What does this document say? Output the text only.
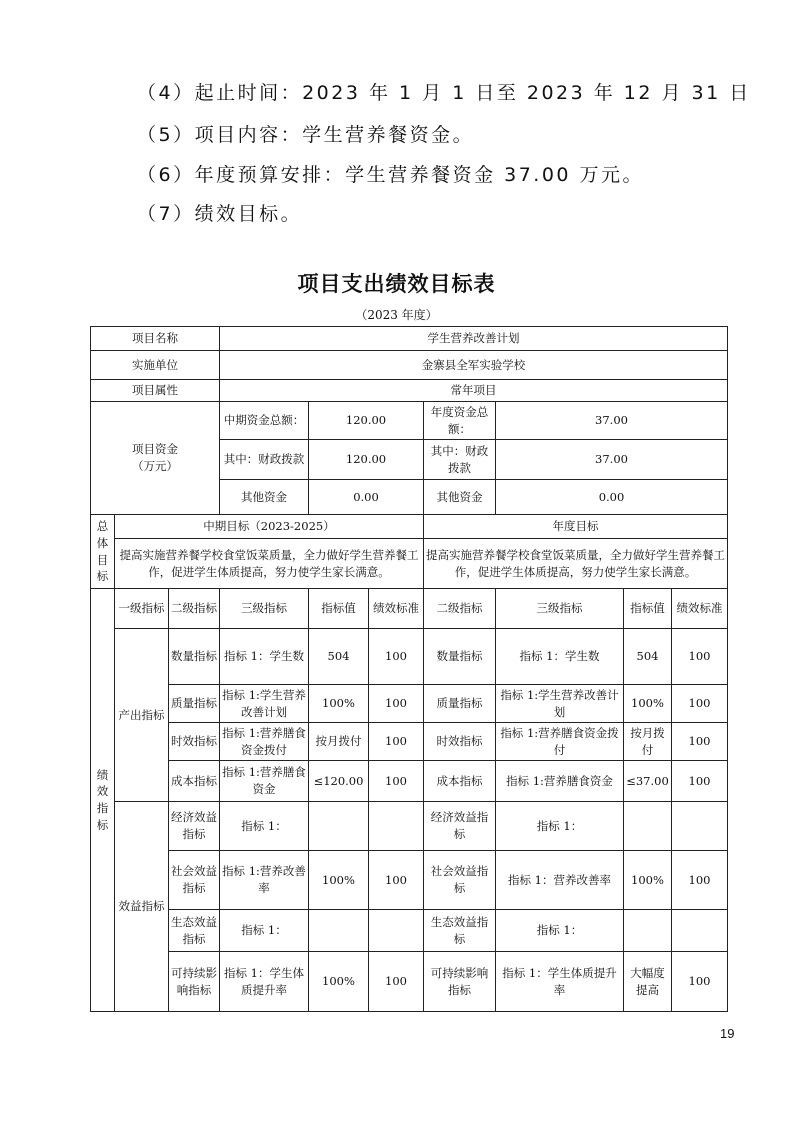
（4）起止时间：2023 年 1 月 1 日至 2023 年 12 月 31 日
（5）项目内容：学生营养餐资金。
（6）年度预算安排：学生营养餐资金 37.00 万元。
（7）绩效目标。
项目支出绩效目标表
（2023 年度）
项目名称			学生营养改善计划						
实施单位			金寨县全军实验学校						
项目属性			常年项目						
项目资金
（万元）			中期资金总额：	120.00		年度资金总额：	37.00		
			其中：财政拨款	120.00		其中：财政拨款	37.00		
			其他资金	0.00		其他资金	0.00		
总体目标	中期目标（2023-2025）					年度目标			
	提高实施营养餐学校食堂饭菜质量，全力做好学生营养餐工作，促进学生体质提高，努力使学生家长满意。					提高实施营养餐学校食堂饭菜质量，全力做好学生营养餐工作，促进学生体质提高，努力使学生家长满意。			
绩效指标	一级指标	二级指标	三级指标	指标值	绩效标准	二级指标	三级指标	指标值	绩效标准
	产出指标	数量指标	指标 1：学生数	504	100	数量指标	指标 1：学生数	504	100
		质量指标	指标 1:学生营养改善计划	100%	100	质量指标	指标 1:学生营养改善计划	100%	100
		时效指标	指标 1:营养膳食资金拨付	按月拨付	100	时效指标	指标 1:营养膳食资金拨付	按月拨付	100
		成本指标	指标 1:营养膳食资金	≤120.00	100	成本指标	指标 1:营养膳食资金	≤37.00	100
	效益指标	经济效益指标	指标 1：			经济效益指标	指标 1：		
		社会效益指标	指标 1:营养改善率	100%	100	社会效益指标	指标 1：营养改善率	100%	100
		生态效益指标	指标 1：			生态效益指标	指标 1：		
		可持续影响指标	指标 1：学生体质提升率	100%	100	可持续影响指标	指标 1：学生体质提升率	大幅度提高	100
19
